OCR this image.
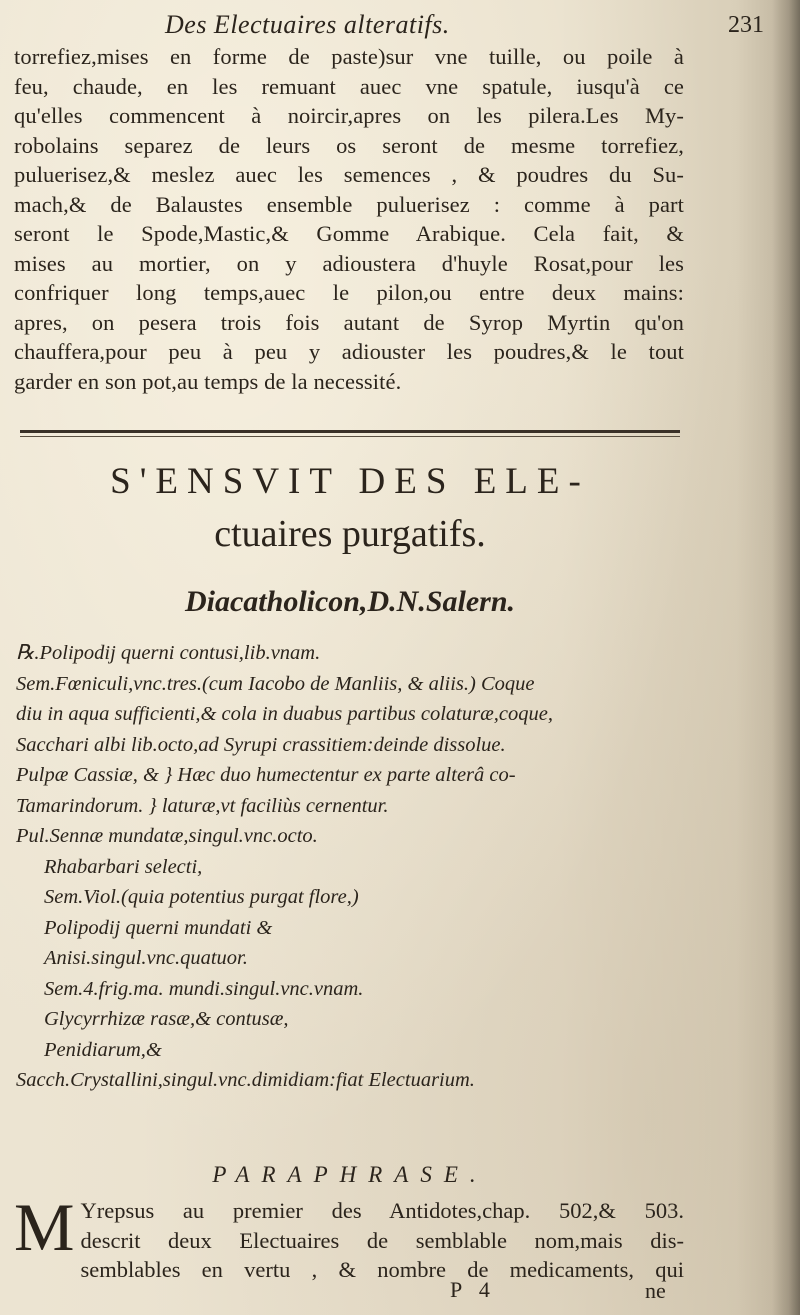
Des Electuaires alteratifs.	231
torrefiez,mises en forme de paste)sur vne tuille, ou poile à
feu, chaude, en les remuant auec vne spatule, iusqu'à ce
qu'elles commencent à noircir,apres on les pilera.Les My-
robolains separez de leurs os seront de mesme torrefiez,
puluerisez,& meslez auec les semences , & poudres du Su-
mach,& de Balaustes ensemble puluerisez : comme à part
seront le Spode,Mastic,& Gomme Arabique. Cela fait, &
mises au mortier, on y adioustera d'huyle Rosat,pour les
confriquer long temps,auec le pilon,ou entre deux mains:
apres, on pesera trois fois autant de Syrop Myrtin qu'on
chauffera,pour peu à peu y adiouster les poudres,& le tout
garder en son pot,au temps de la necessité.
S'ENSVIT DES ELE-
ctuaires purgatifs.
Diacatholicon,D.N.Salern.
℞.Polipodij querni contusi,lib.vnam.
Sem.Fœniculi,vnc.tres.(cum Iacobo de Manliis, & aliis.) Coque
diu in aqua sufficienti,& cola in duabus partibus colaturæ,coque,
Sacchari albi lib.octo,ad Syrupi crassitiem:deinde dissolue.
Pulpæ Cassiæ, & } Hæc duo humectentur ex parte alterâ co-
Tamarindorum. } laturæ,vt faciliùs cernentur.
Pul.Sennæ mundatæ,singul.vnc.octo.
Rhabarbari selecti,
Sem.Viol.(quia potentius purgat flore,)
Polipodij querni mundati &
Anisi.singul.vnc.quatuor.
Sem.4.frig.ma. mundi.singul.vnc.vnam.
Glycyrrhizæ rasæ,& contusæ,
Penidiarum,&
Sacch.Crystallini,singul.vnc.dimidiam:fiat Electuarium.
PARAPHRASE.
M Yrepsus au premier des Antidotes,chap. 502,& 503.
descrit deux Electuaires de semblable nom,mais dis-
semblables en vertu , & nombre de medicaments, qui
P 4	ne
